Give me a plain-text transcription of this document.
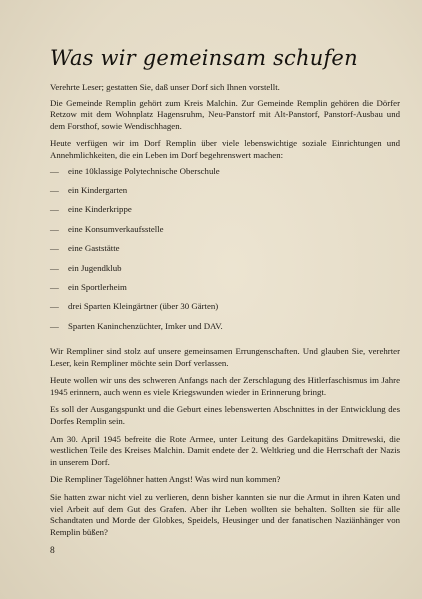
Was wir gemeinsam schufen

Verehrte Leser; gestatten Sie, daß unser Dorf sich Ihnen vorstellt.

Die Gemeinde Remplin gehört zum Kreis Malchin. Zur Gemeinde Remplin gehören die Dörfer Retzow mit dem Wohnplatz Hagensruhm, Neu-Panstorf mit Alt-Panstorf, Panstorf-Ausbau und dem Forsthof, sowie Wendischhagen.

Heute verfügen wir im Dorf Remplin über viele lebenswichtige soziale Einrichtungen und Annehmlichkeiten, die ein Leben im Dorf begehrenswert machen:

—	eine 10klassige Polytechnische Oberschule
—	ein Kindergarten
—	eine Kinderkrippe
—	eine Konsumverkaufsstelle
—	eine Gaststätte
—	ein Jugendklub
—	ein Sportlerheim
—	drei Sparten Kleingärtner (über 30 Gärten)
—	Sparten Kaninchenzüchter, Imker und DAV.

Wir Rempliner sind stolz auf unsere gemeinsamen Errungenschaften. Und glauben Sie, verehrter Leser, kein Rempliner möchte sein Dorf verlassen.

Heute wollen wir uns des schweren Anfangs nach der Zerschlagung des Hitlerfaschismus im Jahre 1945 erinnern, auch wenn es viele Kriegswunden wieder in Erinnerung bringt.

Es soll der Ausgangspunkt und die Geburt eines lebenswerten Abschnittes in der Entwicklung des Dorfes Remplin sein.

Am 30. April 1945 befreite die Rote Armee, unter Leitung des Gardekapitäns Dmitrewski, die westlichen Teile des Kreises Malchin. Damit endete der 2. Weltkrieg und die Herrschaft der Nazis in unserem Dorf.

Die Rempliner Tagelöhner hatten Angst! Was wird nun kommen?

Sie hatten zwar nicht viel zu verlieren, denn bisher kannten sie nur die Armut in ihren Katen und viel Arbeit auf dem Gut des Grafen. Aber ihr Leben wollten sie behalten. Sollten sie für alle Schandtaten und Morde der Globkes, Speidels, Heusinger und der fanatischen Naziänhänger von Remplin büßen?

8
